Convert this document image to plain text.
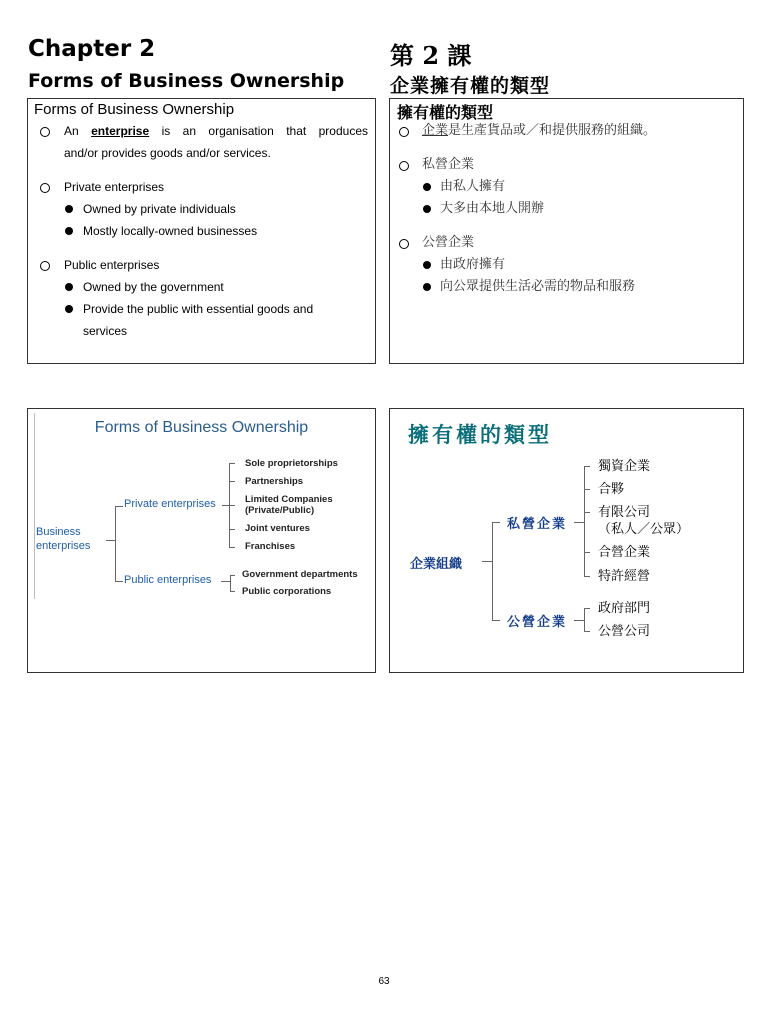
Chapter 2
Forms of Business Ownership
第 2 課
企業擁有權的類型
Forms of Business Ownership
An enterprise is an organisation that produces
and/or provides goods and/or services.
Private enterprises
Owned by private individuals
Mostly locally-owned businesses
Public enterprises
Owned by the government
Provide the public with essential goods and
services
擁有權的類型
企業是生產貨品或／和提供服務的組織。
私營企業
由私人擁有
大多由本地人開辦
公營企業
由政府擁有
向公眾提供生活必需的物品和服務
Forms of Business Ownership
Business
enterprises
Private enterprises
Public enterprises
Sole proprietorships
Partnerships
Limited Companies
(Private/Public)
Joint ventures
Franchises
Government departments
Public corporations
擁有權的類型
企業組織
私營企業
公營企業
獨資企業
合夥
有限公司
（私人／公眾）
合營企業
特許經營
政府部門
公營公司
63
